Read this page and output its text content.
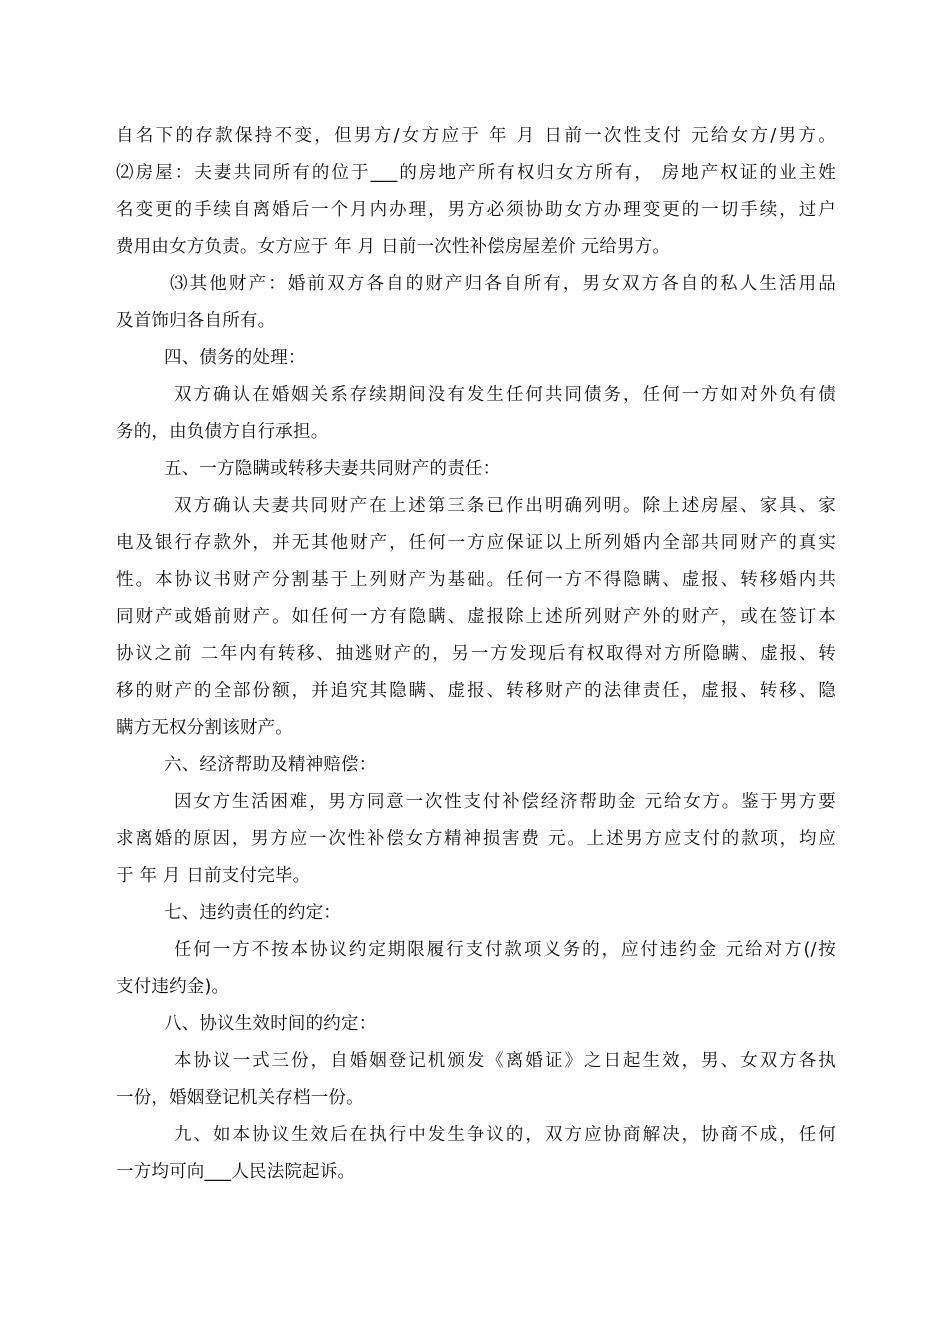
自名下的存款保持不变，但男方/女方应于 年 月 日前一次性支付 元给女方/男方。
⑵房屋：夫妻共同所有的位于___的房地产所有权归女方所有， 房地产权证的业主姓
名变更的手续自离婚后一个月内办理，男方必须协助女方办理变更的一切手续，过户
费用由女方负责。女方应于 年 月 日前一次性补偿房屋差价 元给男方。
⑶其他财产：婚前双方各自的财产归各自所有，男女双方各自的私人生活用品
及首饰归各自所有。
四、债务的处理：
双方确认在婚姻关系存续期间没有发生任何共同债务，任何一方如对外负有债
务的，由负债方自行承担。
五、一方隐瞒或转移夫妻共同财产的责任：
双方确认夫妻共同财产在上述第三条已作出明确列明。除上述房屋、家具、家
电及银行存款外，并无其他财产，任何一方应保证以上所列婚内全部共同财产的真实
性。本协议书财产分割基于上列财产为基础。任何一方不得隐瞒、虚报、转移婚内共
同财产或婚前财产。如任何一方有隐瞒、虚报除上述所列财产外的财产，或在签订本
协议之前 二年内有转移、抽逃财产的，另一方发现后有权取得对方所隐瞒、虚报、转
移的财产的全部份额，并追究其隐瞒、虚报、转移财产的法律责任，虚报、转移、隐
瞒方无权分割该财产。
六、经济帮助及精神赔偿：
因女方生活困难，男方同意一次性支付补偿经济帮助金 元给女方。鉴于男方要
求离婚的原因，男方应一次性补偿女方精神损害费 元。上述男方应支付的款项，均应
于 年 月 日前支付完毕。
七、违约责任的约定：
任何一方不按本协议约定期限履行支付款项义务的，应付违约金 元给对方(/按
支付违约金)。
八、协议生效时间的约定：
本协议一式三份，自婚姻登记机颁发《离婚证》之日起生效，男、女双方各执
一份，婚姻登记机关存档一份。
九、如本协议生效后在执行中发生争议的，双方应协商解决，协商不成，任何
一方均可向___人民法院起诉。
